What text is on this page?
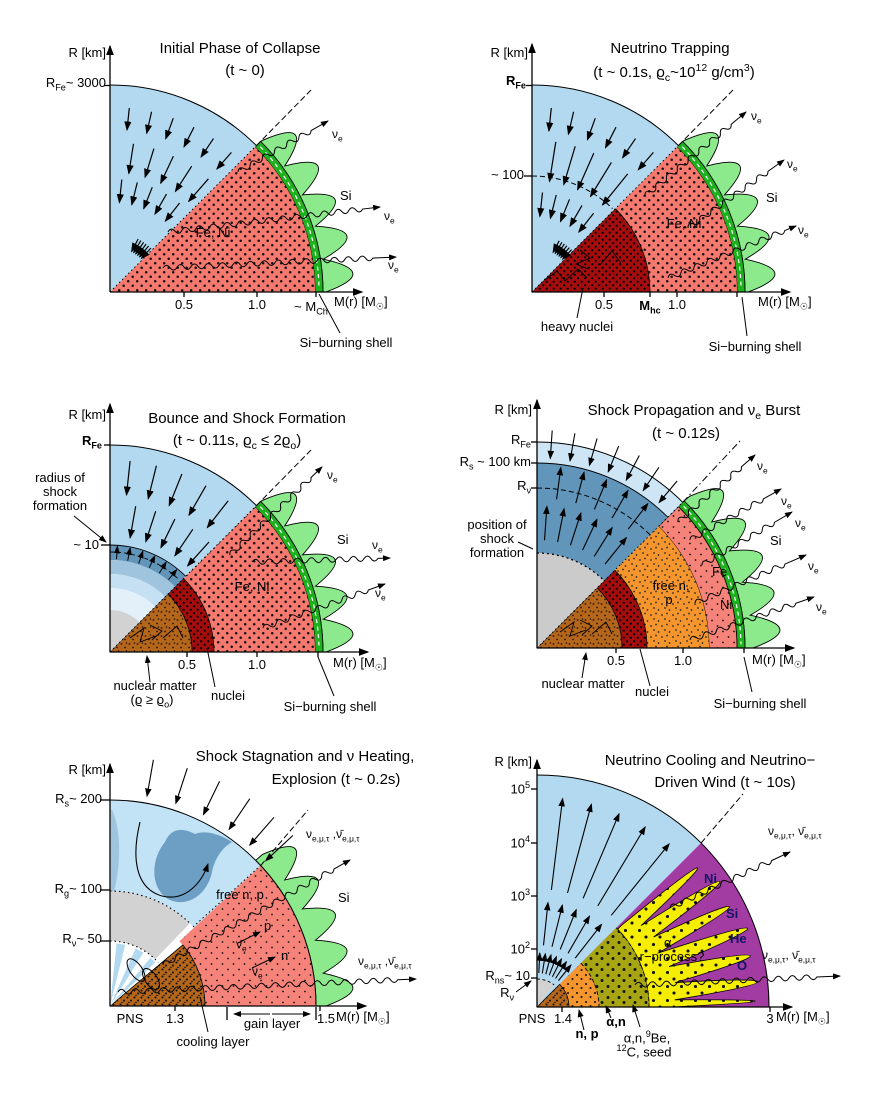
Initial Phase of Collapse
(t ~ 0)
R [km]
$R_{Fe}\sim$ 3000
M(r) $[M_☉]$
0.5	1.0 ~ $M_{Ch}$
Fe, Ni
Si
$\nu_e$
$\nu_e$
$\nu_e$
Si−burning shell
Neutrino Trapping
(t ~ 0.1s, $ϱ_c\sim 10^{12}$ $g/cm^3$)
R [km]
$R_{Fe}$
~ 100
M(r) $[M_☉]$
0.5 $M_{hc}$ 1.0
heavy nuclei
Fe, Ni
Si
$\nu_e$
$\nu_e$
$\nu_e$
Si−burning shell
Bounce and Shock Formation
(t ~ 0.11s, $ϱ_c \le 2ϱ_o$)
R [km]
$R_{Fe}$
radius of
shock
formation
~ 10
M(r) $[M_☉]$
0.5	1.0
nuclear matter
$(ϱ \ge ϱ_o)$	nuclei
Fe, Ni
Si
$\nu_e$
$\nu_e$
$\nu_e$
Si−burning shell
Shock Propagation and $\nu_e$ Burst
(t ~ 0.12s)
R [km]
$R_{Fe}$
$R_s$ ~ 100 km
$R_\nu$
position of
shock
formation
M(r) $[M_☉]$
0.5	1.0
nuclear matter
nuclei
free n,
p
Fe
Ni
Si
$\nu_e$
$\nu_e$
$\nu_e$
$\nu_e$
$\nu_e$
Si−burning shell
Shock Stagnation and ν Heating,
Explosion (t ~ 0.2s)
R [km]
$R_s\sim$ 200
$R_g\sim$ 100
$R_\nu\sim$ 50
PNS 1.3	gain layer 1.5 M(r) $[M_☉]$
cooling layer
free n, p
p
n
$\nū_e$
$\nu_e$
Si
$\nu_{e,\mu,\tau}$ $,\nū_{e,\mu,\tau}$
$\nu_{e,\mu,\tau}$ $,\nū_{e,\mu,\tau}$
Neutrino Cooling and Neutrino−
Driven Wind (t ~ 10s)
R [km]
$10^5$
$10^4$
$10^3$
$10^2$
$R_{ns}\sim$ 10
$R_\nu$
PNS 1.4
n, p
α,n
α,n,$^9$Be,
$^{12}$C, seed
3 M(r) $[M_☉]$
Ni
Si
He
O
α
r−process?
$\nu_{e,\mu,\tau}$, $\nū_{e,\mu,\tau}$
$\nu_{e,\mu,\tau}$, $\nū_{e,\mu,\tau}$
